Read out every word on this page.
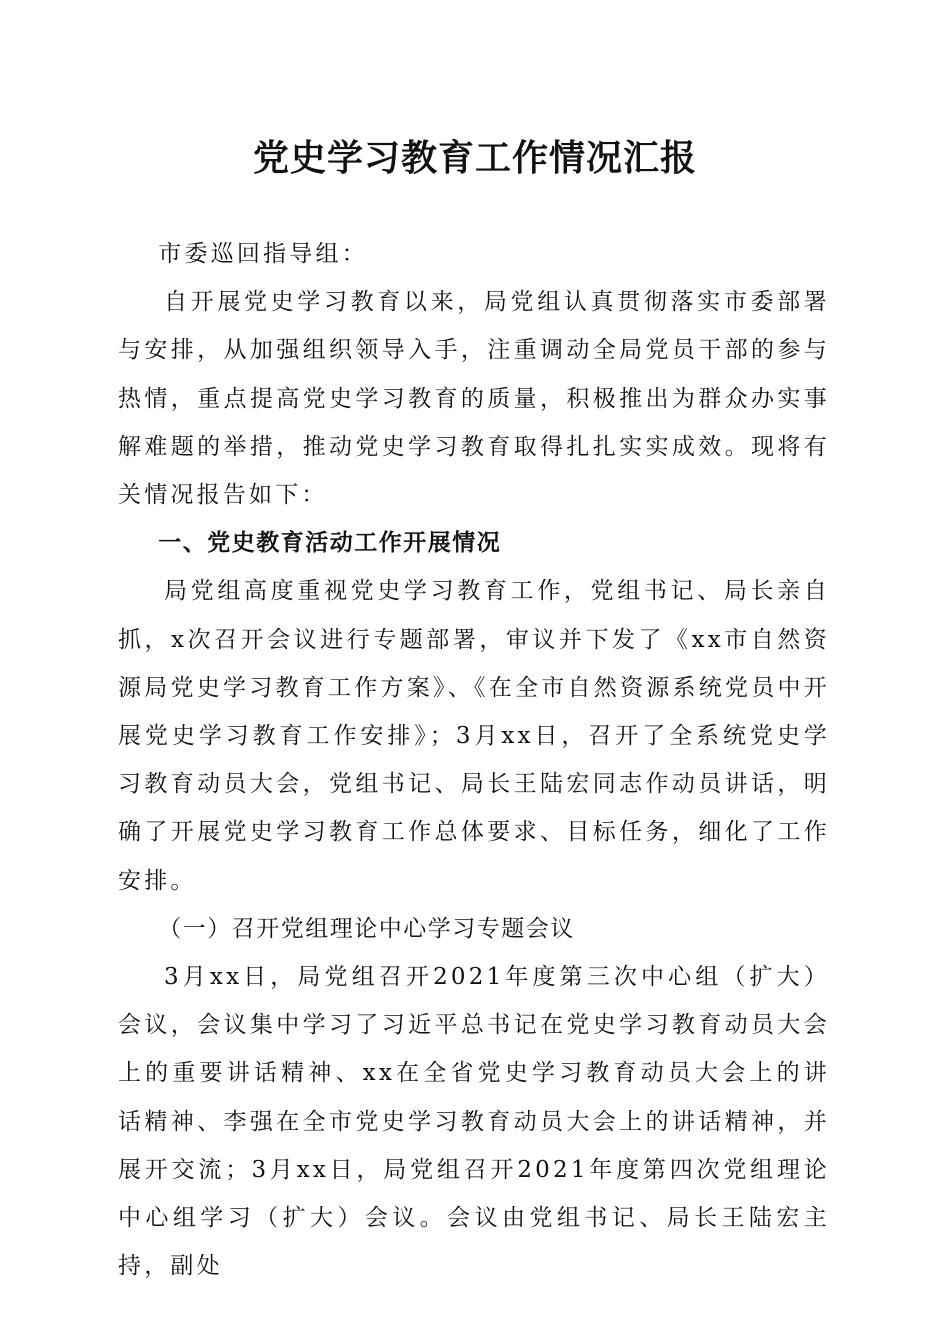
党史学习教育工作情况汇报

市委巡回指导组：

自开展党史学习教育以来，局党组认真贯彻落实市委部署与安排，从加强组织领导入手，注重调动全局党员干部的参与热情，重点提高党史学习教育的质量，积极推出为群众办实事解难题的举措，推动党史学习教育取得扎扎实实成效。现将有关情况报告如下：

一、党史教育活动工作开展情况

局党组高度重视党史学习教育工作，党组书记、局长亲自抓，x次召开会议进行专题部署，审议并下发了《xx市自然资源局党史学习教育工作方案》、《在全市自然资源系统党员中开展党史学习教育工作安排》；3月xx日，召开了全系统党史学习教育动员大会，党组书记、局长王陆宏同志作动员讲话，明确了开展党史学习教育工作总体要求、目标任务，细化了工作安排。

（一）召开党组理论中心学习专题会议

3月xx日，局党组召开2021年度第三次中心组（扩大）会议，会议集中学习了习近平总书记在党史学习教育动员大会上的重要讲话精神、xx在全省党史学习教育动员大会上的讲话精神、李强在全市党史学习教育动员大会上的讲话精神，并展开交流；3月xx日，局党组召开2021年度第四次党组理论中心组学习（扩大）会议。会议由党组书记、局长王陆宏主持，副处
